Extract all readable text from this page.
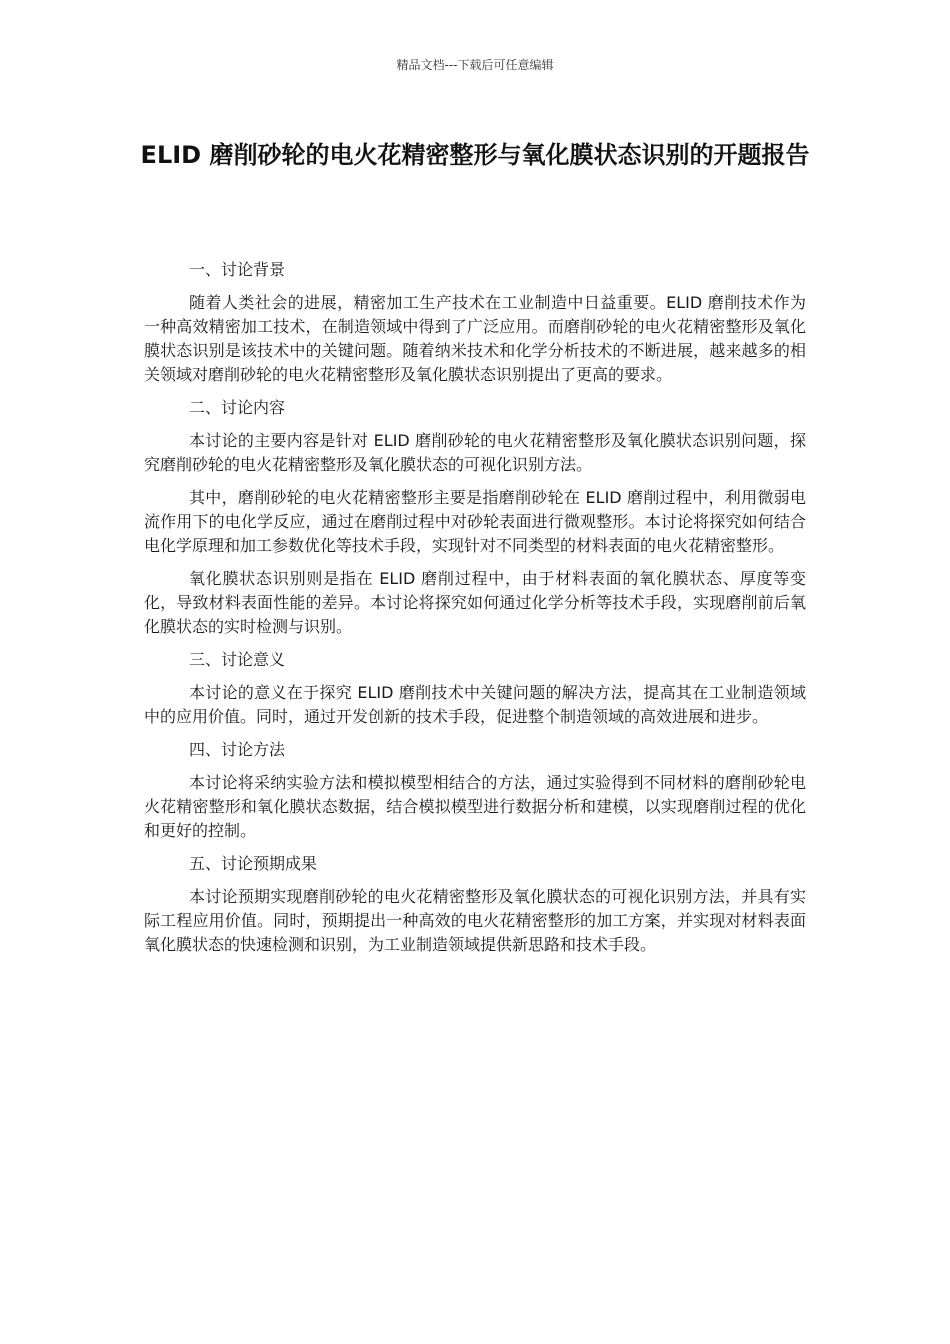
精品文档---下载后可任意编辑
ELID 磨削砂轮的电火花精密整形与氧化膜状态识别的开题报告

一、讨论背景

随着人类社会的进展，精密加工生产技术在工业制造中日益重要。ELID 磨削技术作为一种高效精密加工技术，在制造领域中得到了广泛应用。而磨削砂轮的电火花精密整形及氧化膜状态识别是该技术中的关键问题。随着纳米技术和化学分析技术的不断进展，越来越多的相关领域对磨削砂轮的电火花精密整形及氧化膜状态识别提出了更高的要求。

二、讨论内容

本讨论的主要内容是针对 ELID 磨削砂轮的电火花精密整形及氧化膜状态识别问题，探究磨削砂轮的电火花精密整形及氧化膜状态的可视化识别方法。

其中，磨削砂轮的电火花精密整形主要是指磨削砂轮在 ELID 磨削过程中，利用微弱电流作用下的电化学反应，通过在磨削过程中对砂轮表面进行微观整形。本讨论将探究如何结合电化学原理和加工参数优化等技术手段，实现针对不同类型的材料表面的电火花精密整形。

氧化膜状态识别则是指在 ELID 磨削过程中，由于材料表面的氧化膜状态、厚度等变化，导致材料表面性能的差异。本讨论将探究如何通过化学分析等技术手段，实现磨削前后氧化膜状态的实时检测与识别。

三、讨论意义

本讨论的意义在于探究 ELID 磨削技术中关键问题的解决方法，提高其在工业制造领域中的应用价值。同时，通过开发创新的技术手段，促进整个制造领域的高效进展和进步。

四、讨论方法

本讨论将采纳实验方法和模拟模型相结合的方法，通过实验得到不同材料的磨削砂轮电火花精密整形和氧化膜状态数据，结合模拟模型进行数据分析和建模，以实现磨削过程的优化和更好的控制。

五、讨论预期成果

本讨论预期实现磨削砂轮的电火花精密整形及氧化膜状态的可视化识别方法，并具有实际工程应用价值。同时，预期提出一种高效的电火花精密整形的加工方案，并实现对材料表面氧化膜状态的快速检测和识别，为工业制造领域提供新思路和技术手段。
